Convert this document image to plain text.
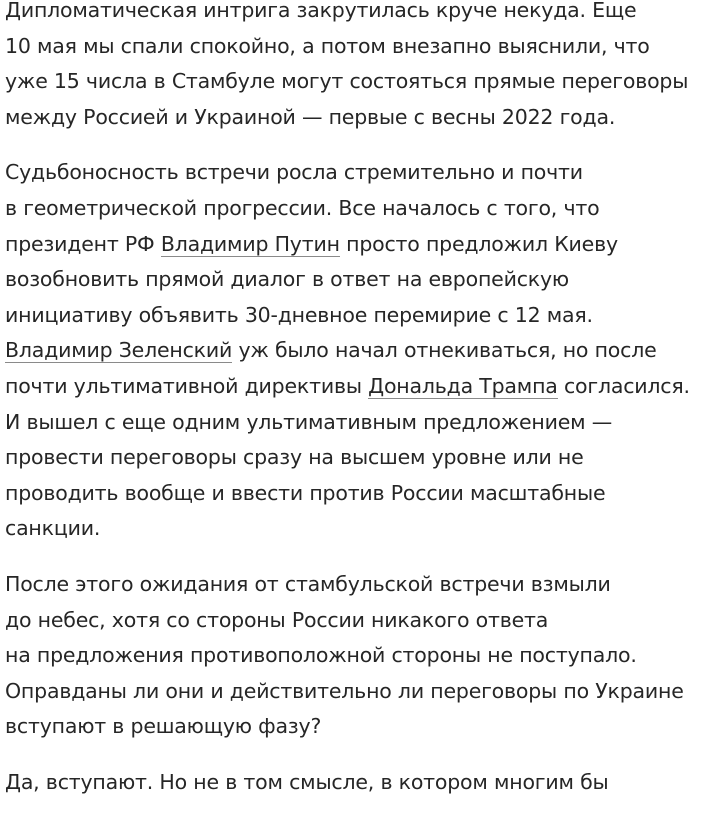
Дипломатическая интрига закрутилась круче некуда. Еще
10 мая мы спали спокойно, а потом внезапно выяснили, что
уже 15 числа в Стамбуле могут состояться прямые переговоры
между Россией и Украиной — первые с весны 2022 года.

Судьбоносность встречи росла стремительно и почти
в геометрической прогрессии. Все началось с того, что
президент РФ Владимир Путин просто предложил Киеву
возобновить прямой диалог в ответ на европейскую
инициативу объявить 30-дневное перемирие с 12 мая.
Владимир Зеленский уж было начал отнекиваться, но после
почти ультимативной директивы Дональда Трампа согласился.
И вышел с еще одним ультимативным предложением —
провести переговоры сразу на высшем уровне или не
проводить вообще и ввести против России масштабные
санкции.

После этого ожидания от стамбульской встречи взмыли
до небес, хотя со стороны России никакого ответа
на предложения противоположной стороны не поступало.
Оправданы ли они и действительно ли переговоры по Украине
вступают в решающую фазу?

Да, вступают. Но не в том смысле, в котором многим бы
